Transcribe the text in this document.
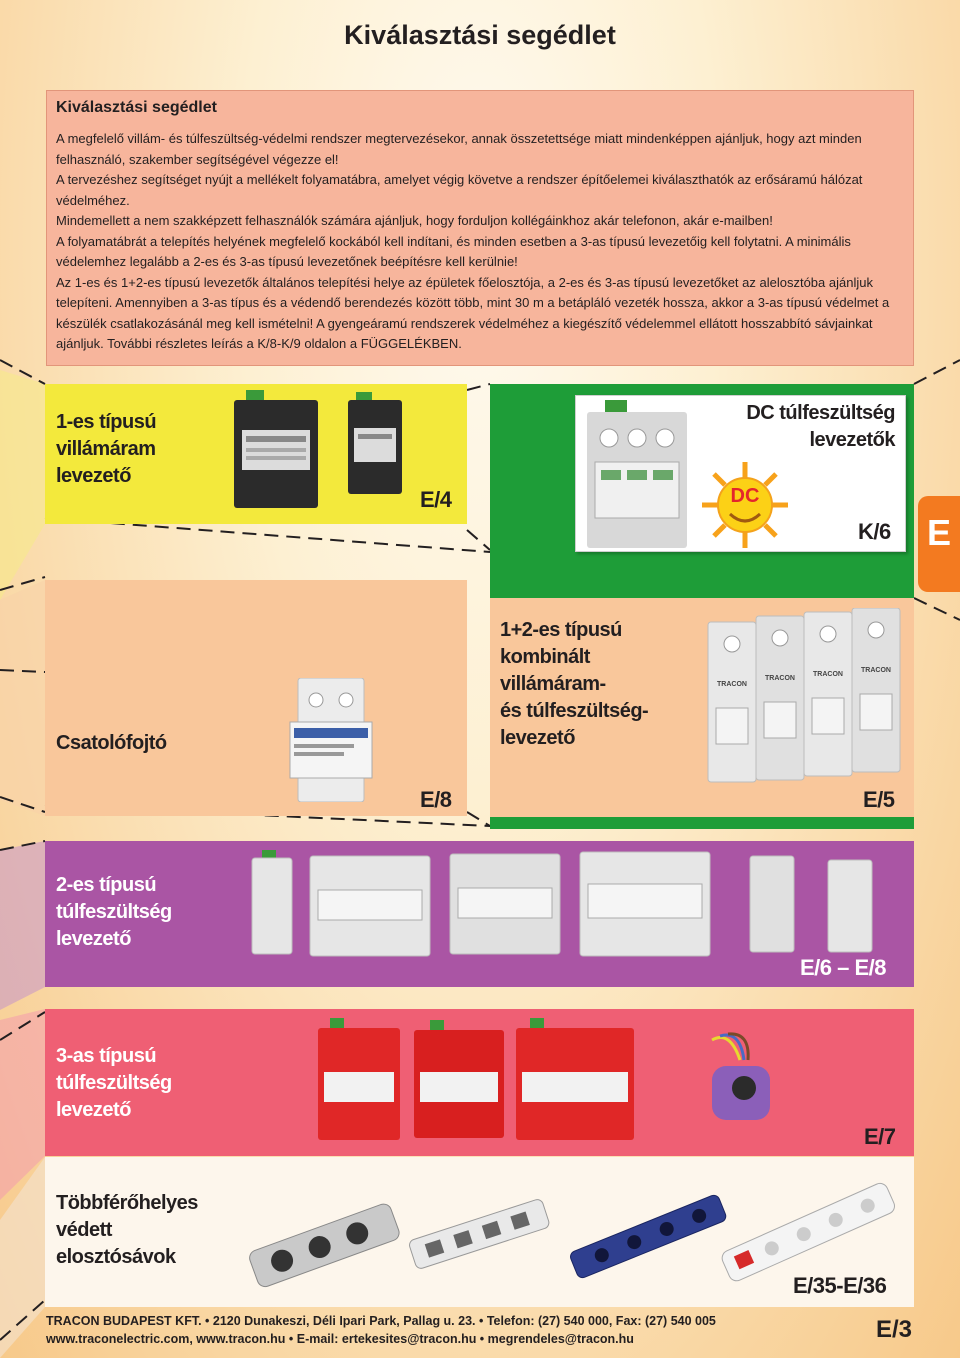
Kiválasztási segédlet
Kiválasztási segédlet

A megfelelő villám- és túlfeszültség-védelmi rendszer megtervezésekor, annak összetettsége miatt mindenképpen ajánljuk, hogy azt minden felhasználó, szakember segítségével végezze el!

A tervezéshez segítséget nyújt a mellékelt folyamatábra, amelyet végig követve a rendszer építőelemei kiválaszthatók az erősáramú hálózat védelméhez.

Mindemellett a nem szakképzett felhasználók számára ajánljuk, hogy forduljon kollégáinkhoz akár telefonon, akár e-mailben!

A folyamatábrát a telepítés helyének megfelelő kockából kell indítani, és minden esetben a 3-as típusú levezetőig kell folytatni. A minimális védelemhez legalább a 2-es és 3-as típusú levezetőnek beépítésre kell kerülnie!

Az 1-es és 1+2-es típusú levezetők általános telepítési helye az épületek főelosztója, a 2-es és 3-as típusú levezetőket az alelosztóba ajánljuk telepíteni. Amennyiben a 3-as típus és a védendő berendezés között több, mint 30 m a betápláló vezeték hossza, akkor a 3-as típusú védelmet a készülék csatlakozásánál meg kell ismételni! A gyengeáramú rendszerek védelméhez a kiegészítő védelemmel ellátott hosszabbító sávjainkat ajánljuk. További részletes leírás a K/8-K/9 oldalon a FÜGGELÉKBEN.

1-es típusú
villámáram
levezető
E/4	DC
DC túlfeszültség
levezetők
K/6 E
1+2-es típusú
kombinált
villámáram-
és túlfeszültség-
levezető
TRACON
TRACON
TRACON
TRACON
E/5
Csatolófojtó
E/8
2-es típusú
túlfeszültség
levezető
E/6 – E/8
3-as típusú
túlfeszültség
levezető
E/7
Többférőhelyes
védett
elosztósávok
E/35-E/36
TRACON BUDAPEST KFT. • 2120 Dunakeszi, Déli Ipari Park, Pallag u. 23. • Telefon: (27) 540 000, Fax: (27) 540 005
www.traconelectric.com, www.tracon.hu • E-mail: ertekesites@tracon.hu • megrendeles@tracon.hu	E/3
